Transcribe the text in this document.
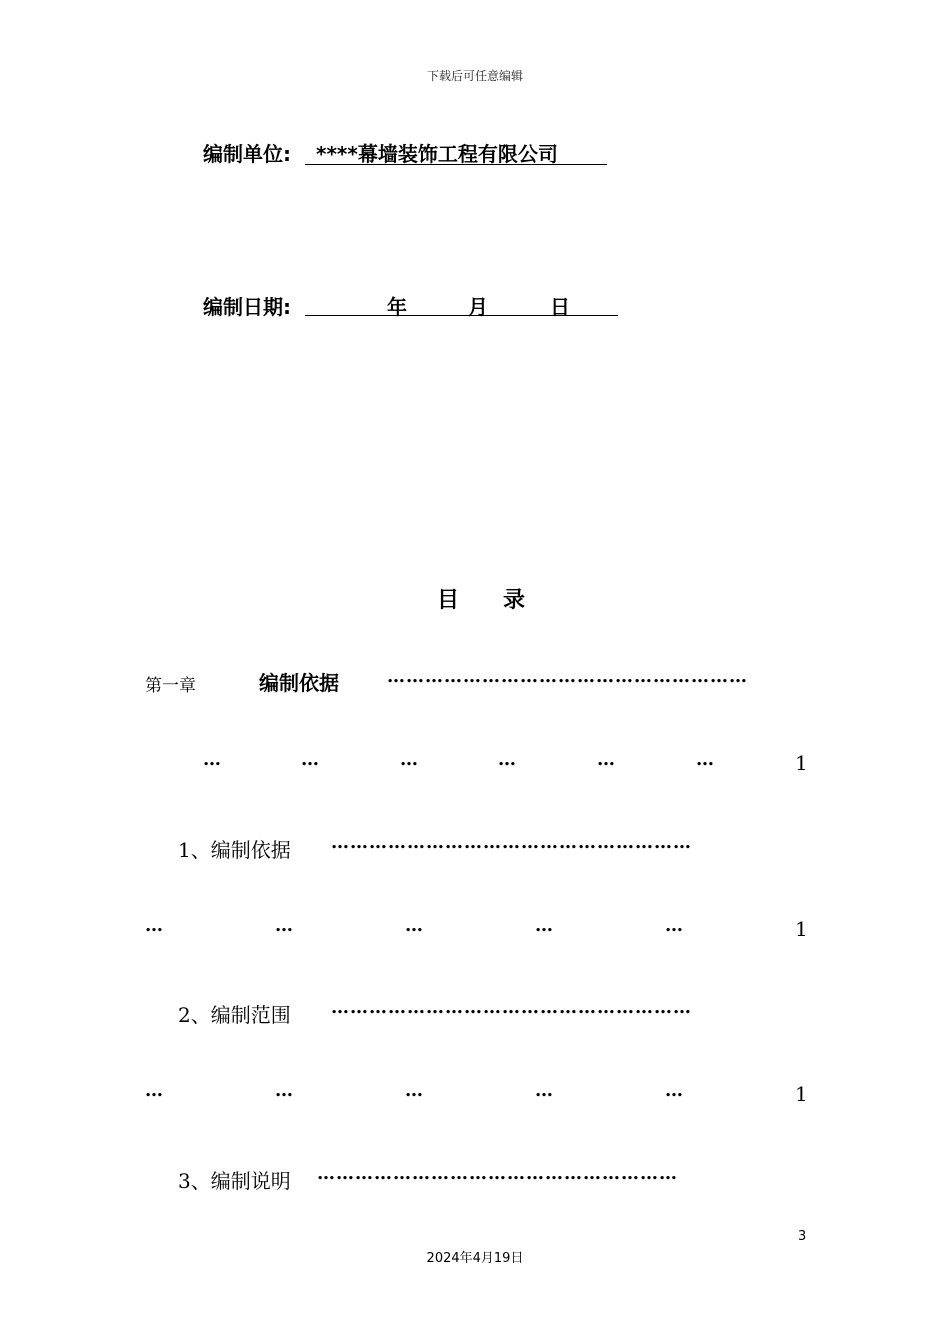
下载后可任意编辑
编制单位: ****幕墙装饰工程有限公司
编制日期:	年	月	日
目　　录
第一章	编制依据	…………………………………………………
…	…	…	…	…	…	1
1、编制依据 …………………………………………………
…	…	…	…	…	1
2、编制范围 …………………………………………………
…	…	…	…	…	1
3、编制说明 …………………………………………………
3
2024年4月19日
